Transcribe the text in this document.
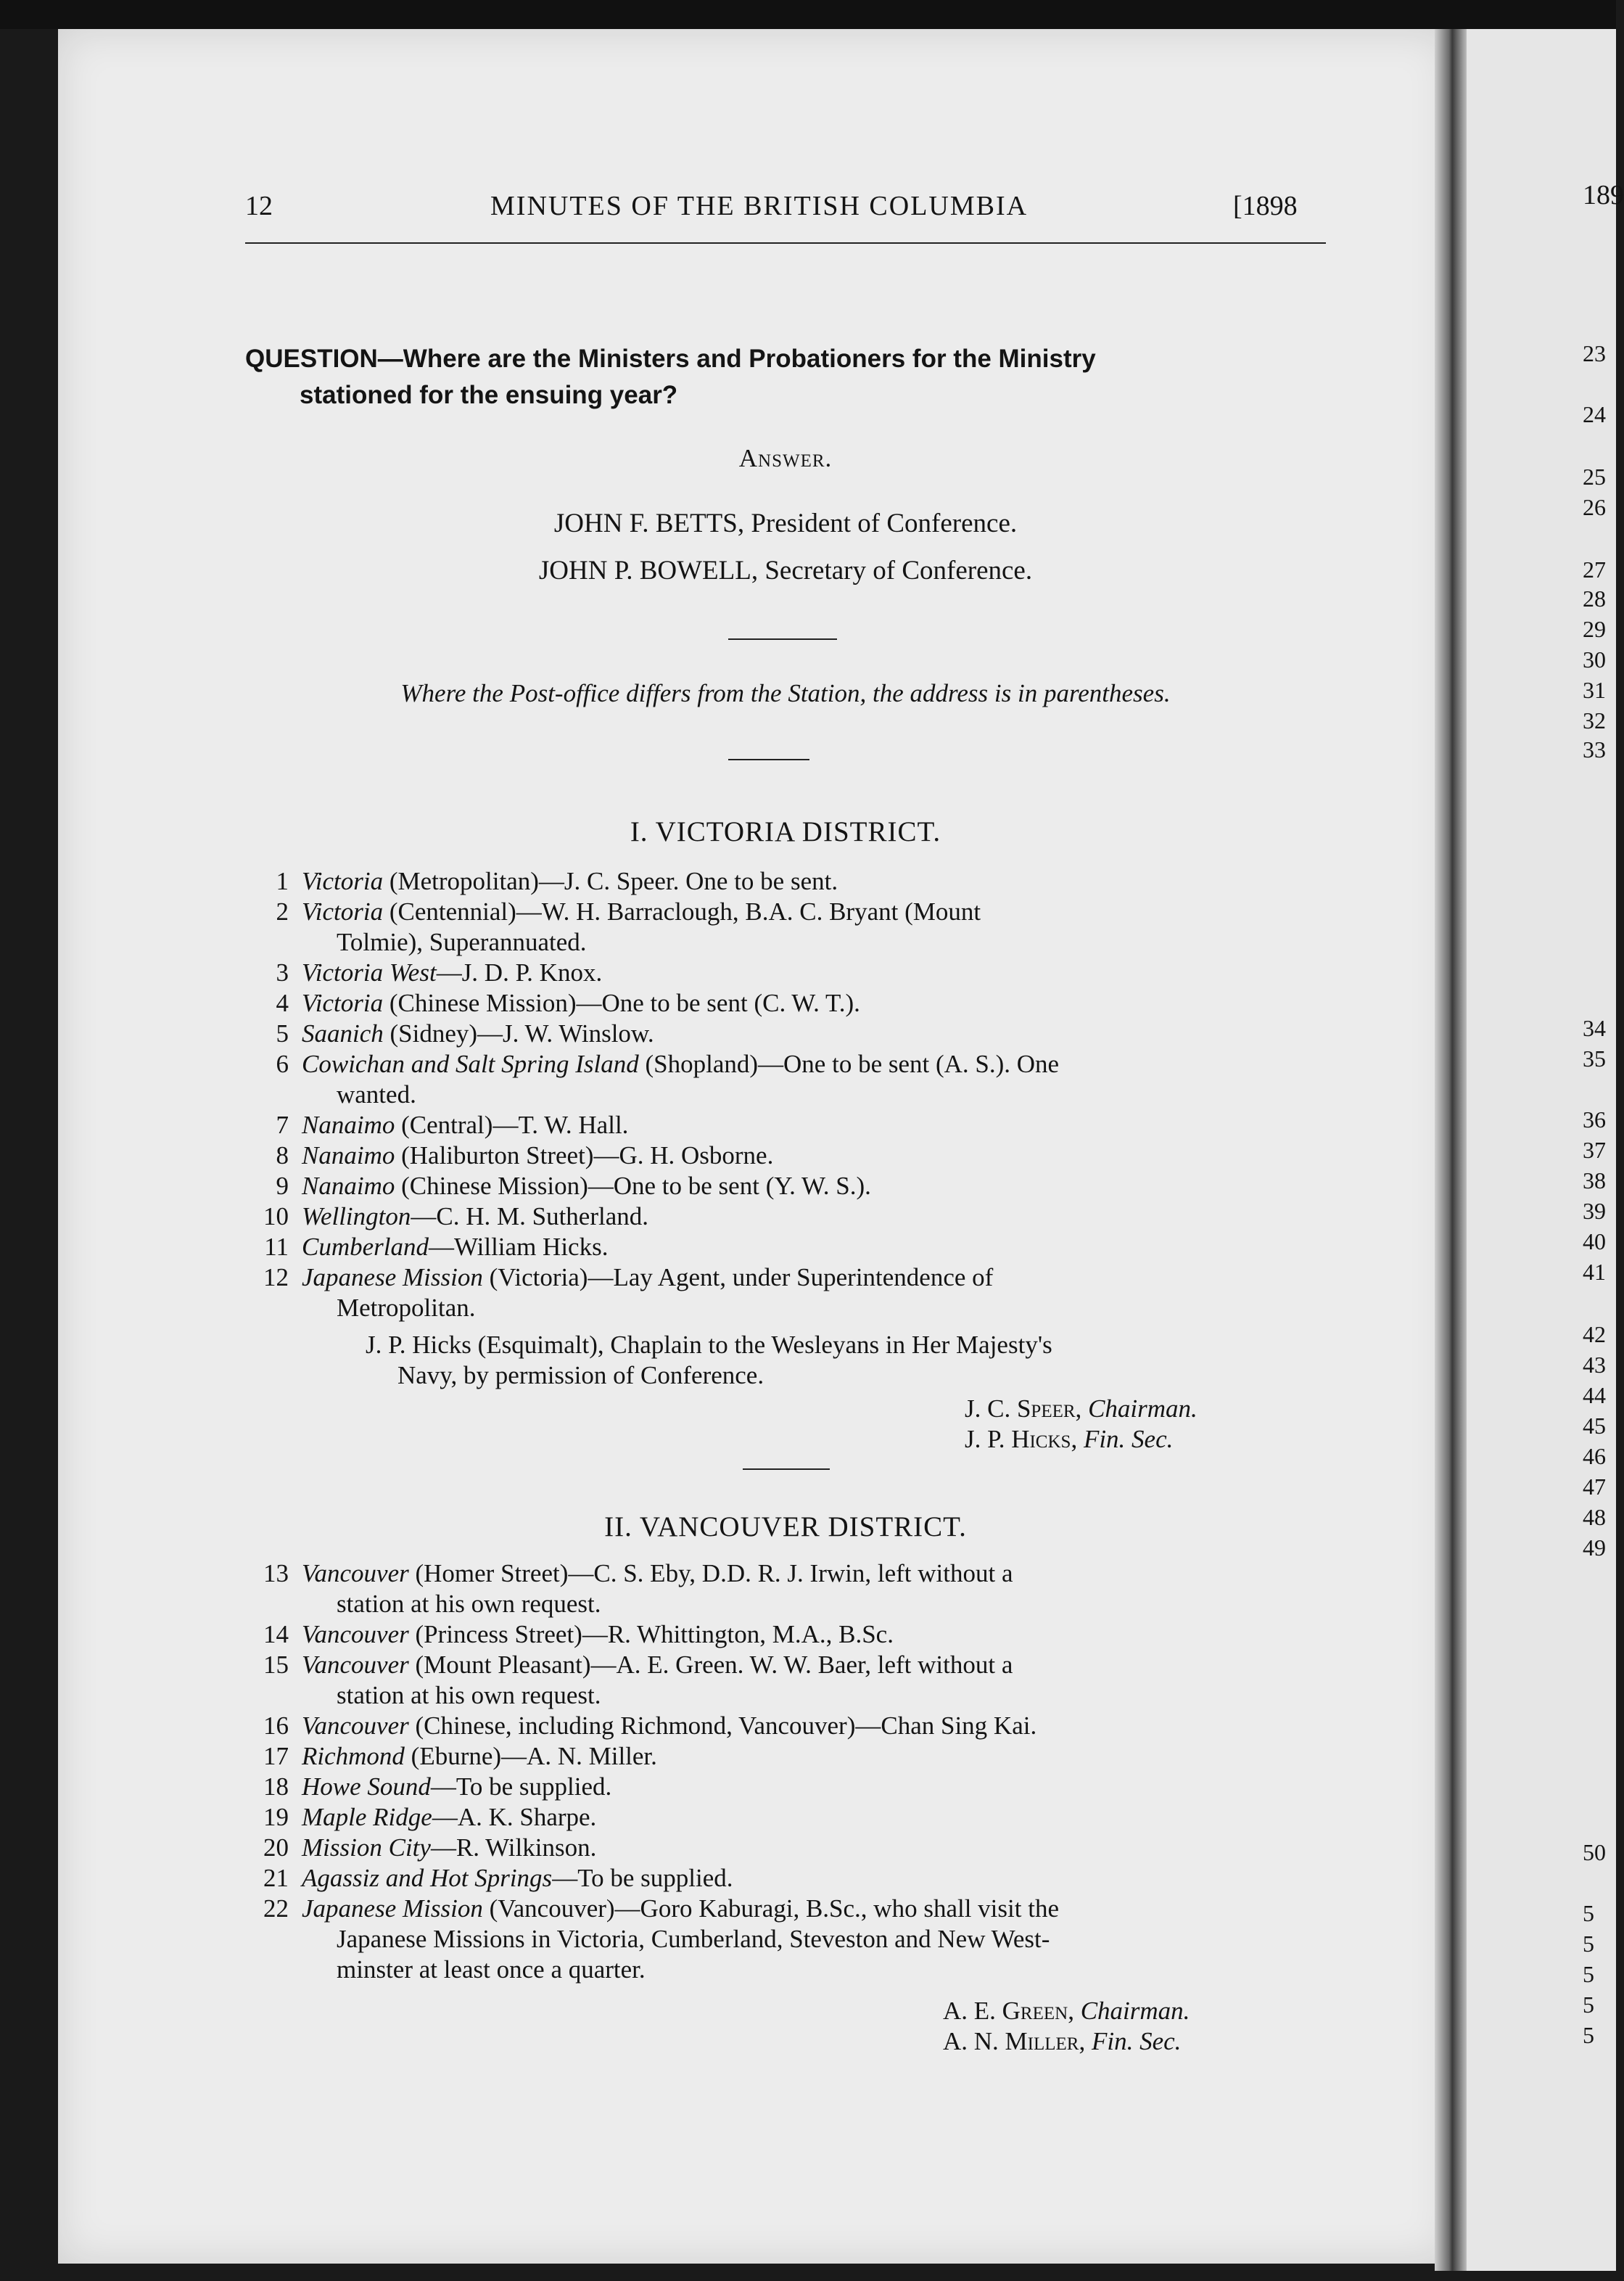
189
23
24
25
26
27
28
29
30
31
32
33
34
35
36
37
38
39
40
41
42
43
44
45
46
47
48
49
50
5
5
5
5
5
12	MINUTES OF THE BRITISH COLUMBIA	[1898
QUESTION—Where are the Ministers and Probationers for the Ministry
stationed for the ensuing year?
Answer.
JOHN F. BETTS, President of Conference.
JOHN P. BOWELL, Secretary of Conference.
Where the Post-office differs from the Station, the address is in parentheses.
I. VICTORIA DISTRICT.
1 Victoria (Metropolitan)—J. C. Speer. One to be sent.
2 Victoria (Centennial)—W. H. Barraclough, B.A. C. Bryant (Mount
Tolmie), Superannuated.
3 Victoria West—J. D. P. Knox.
4 Victoria (Chinese Mission)—One to be sent (C. W. T.).
5 Saanich (Sidney)—J. W. Winslow.
6 Cowichan and Salt Spring Island (Shopland)—One to be sent (A. S.). One
wanted.
7 Nanaimo (Central)—T. W. Hall.
8 Nanaimo (Haliburton Street)—G. H. Osborne.
9 Nanaimo (Chinese Mission)—One to be sent (Y. W. S.).
10 Wellington—C. H. M. Sutherland.
11 Cumberland—William Hicks.
12 Japanese Mission (Victoria)—Lay Agent, under Superintendence of
Metropolitan.
J. P. Hicks (Esquimalt), Chaplain to the Wesleyans in Her Majesty's
Navy, by permission of Conference.
J. C. Speer, Chairman.
J. P. Hicks, Fin. Sec.
II. VANCOUVER DISTRICT.
13 Vancouver (Homer Street)—C. S. Eby, D.D. R. J. Irwin, left without a
station at his own request.
14 Vancouver (Princess Street)—R. Whittington, M.A., B.Sc.
15 Vancouver (Mount Pleasant)—A. E. Green. W. W. Baer, left without a
station at his own request.
16 Vancouver (Chinese, including Richmond, Vancouver)—Chan Sing Kai.
17 Richmond (Eburne)—A. N. Miller.
18 Howe Sound—To be supplied.
19 Maple Ridge—A. K. Sharpe.
20 Mission City—R. Wilkinson.
21 Agassiz and Hot Springs—To be supplied.
22 Japanese Mission (Vancouver)—Goro Kaburagi, B.Sc., who shall visit the
Japanese Missions in Victoria, Cumberland, Steveston and New West-
minster at least once a quarter.
A. E. Green, Chairman.
A. N. Miller, Fin. Sec.
